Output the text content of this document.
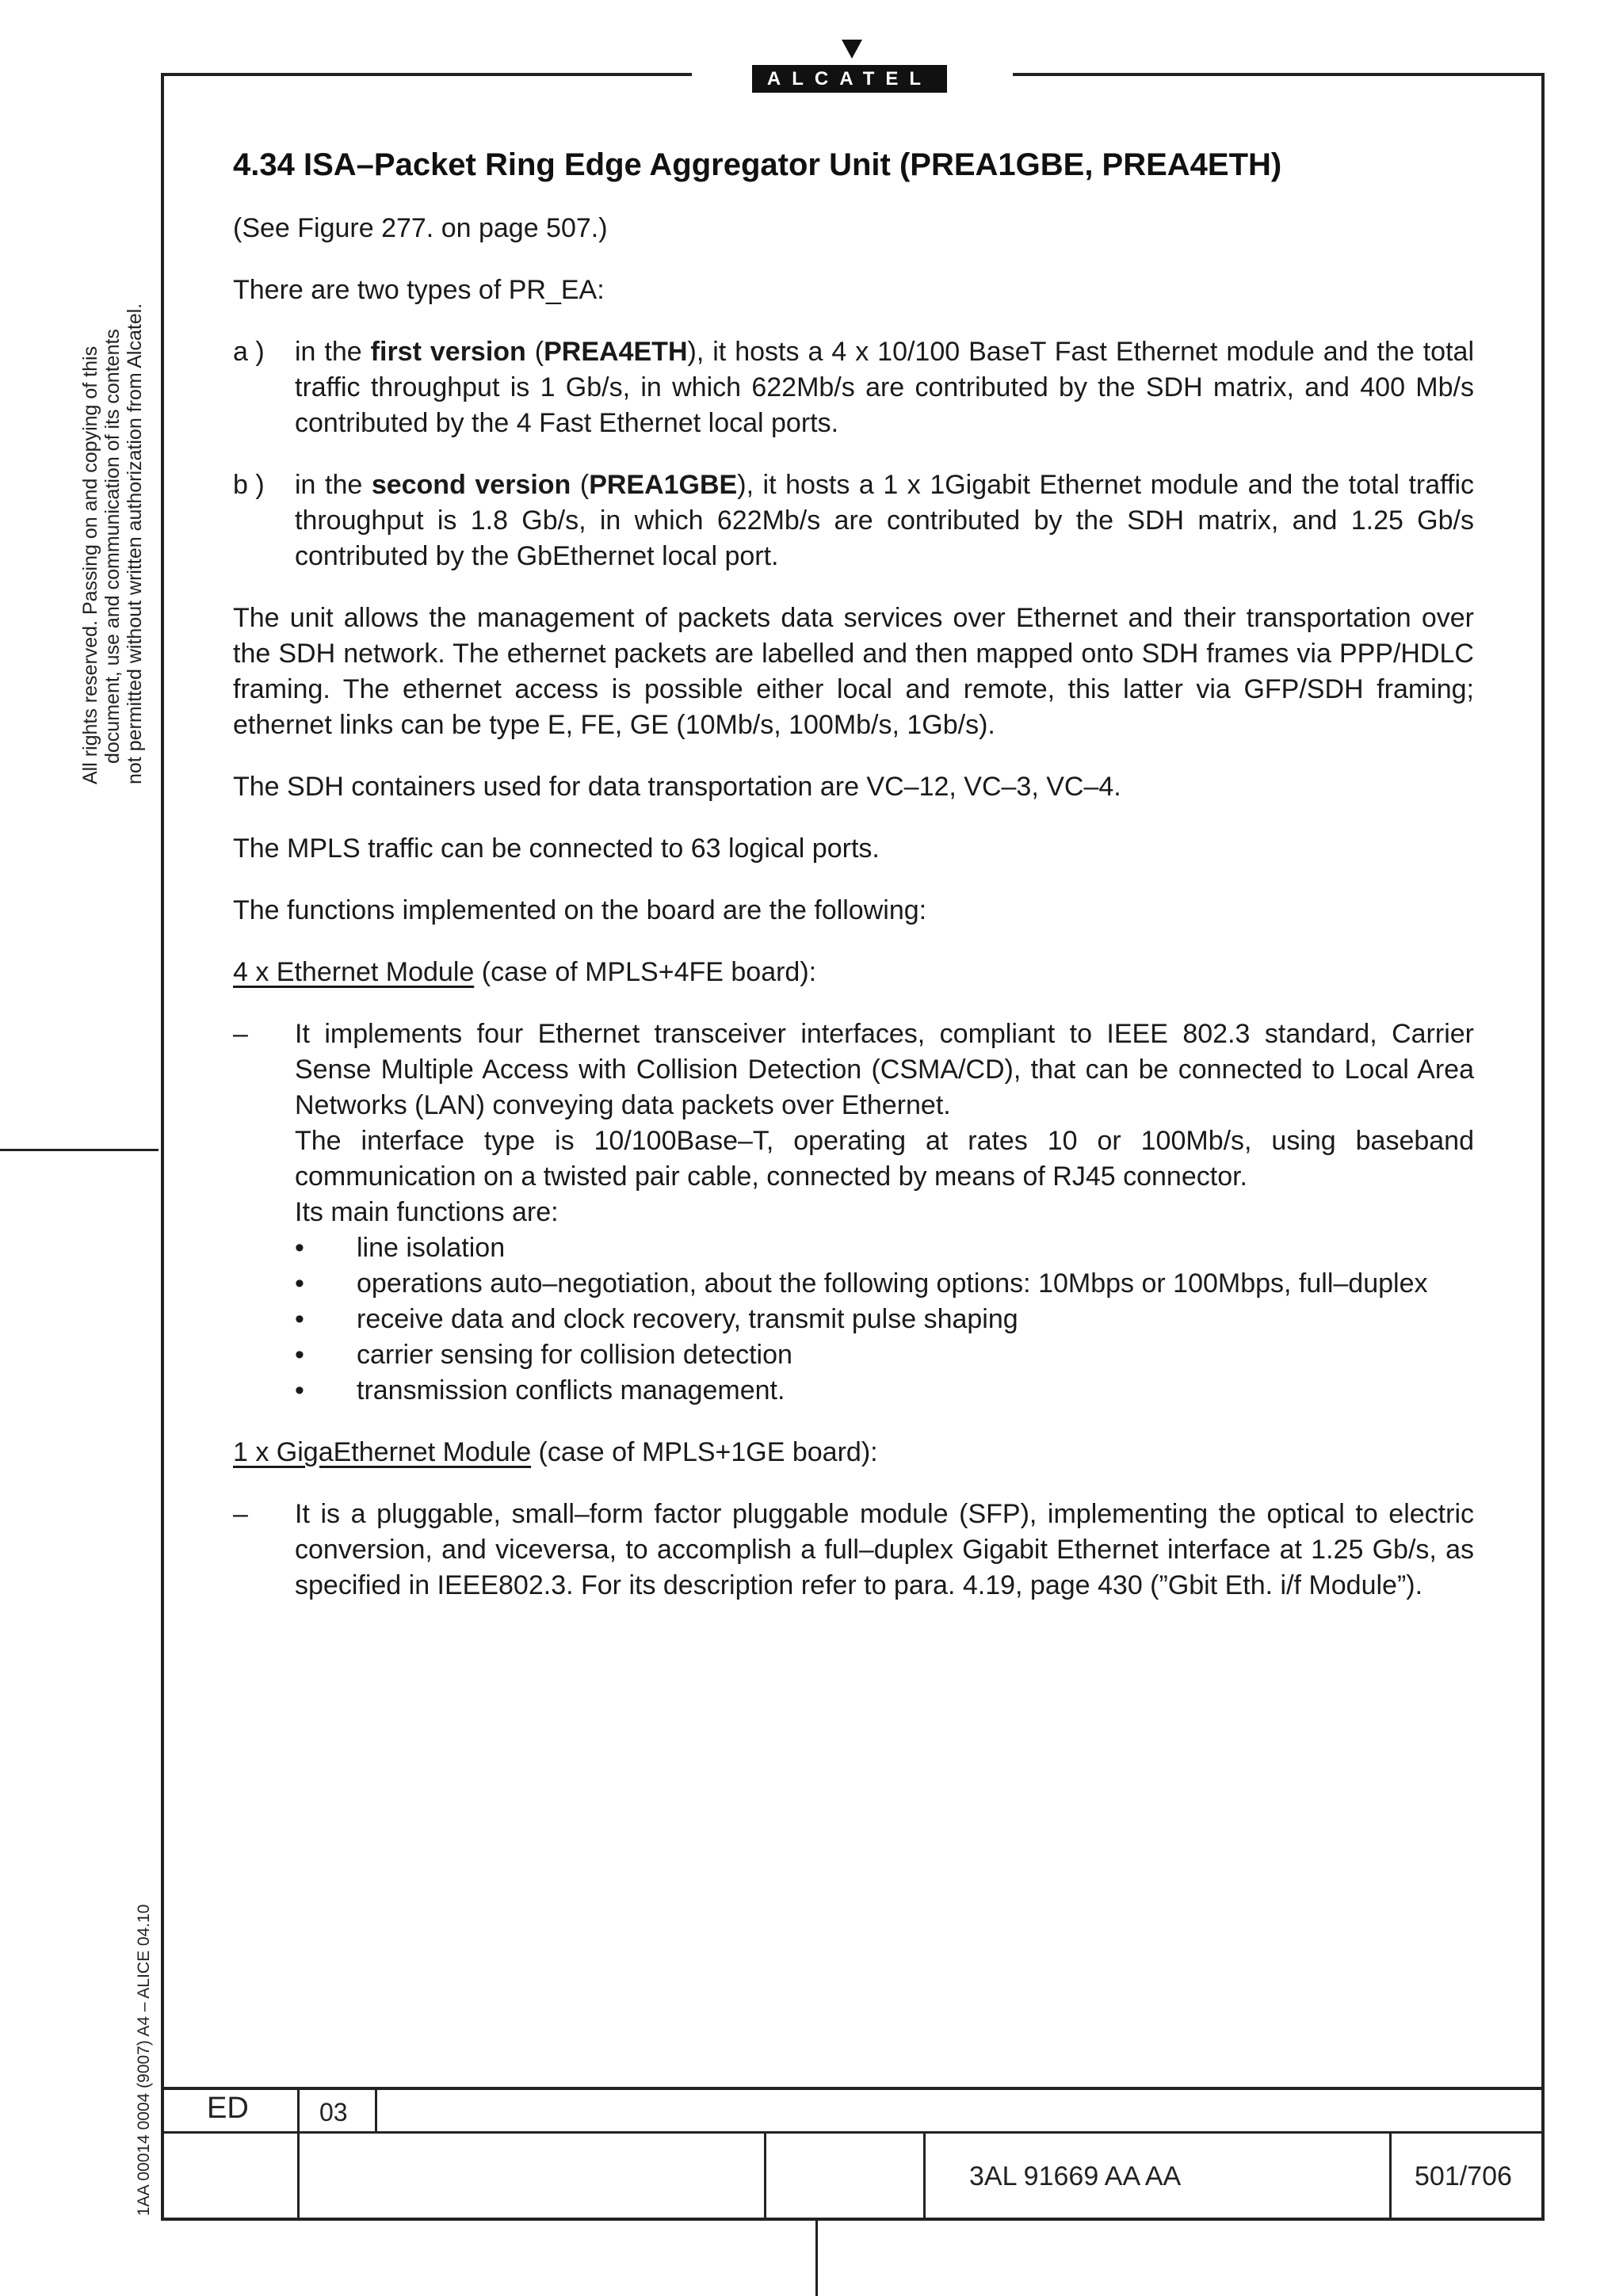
ALCATEL
All rights reserved. Passing on and copying of this document, use and communication of its contents not permitted without written authorization from Alcatel.
1AA 00014 0004 (9007) A4 – ALICE 04.10
4.34 ISA–Packet Ring Edge Aggregator Unit (PREA1GBE, PREA4ETH)

(See Figure 277. on page 507.)

There are two types of PR_EA:

a )	in the first version (PREA4ETH), it hosts a 4 x 10/100 BaseT Fast Ethernet module and the total traffic throughput is 1 Gb/s, in which 622Mb/s are contributed by the SDH matrix, and 400 Mb/s contributed by the 4 Fast Ethernet local ports.
b )	in the second version (PREA1GBE), it hosts a 1 x 1Gigabit Ethernet module and the total traffic throughput is 1.8 Gb/s, in which 622Mb/s are contributed by the SDH matrix, and 1.25 Gb/s contributed by the GbEthernet local port.

The unit allows the management of packets data services over Ethernet and their transportation over the SDH network. The ethernet packets are labelled and then mapped onto SDH frames via PPP/HDLC framing. The ethernet access is possible either local and remote, this latter via GFP/SDH framing; ethernet links can be type E, FE, GE (10Mb/s, 100Mb/s, 1Gb/s).

The SDH containers used for data transportation are VC–12, VC–3, VC–4.

The MPLS traffic can be connected to 63 logical ports.

The functions implemented on the board are the following:

4 x Ethernet Module (case of MPLS+4FE board):

–	It implements four Ethernet transceiver interfaces, compliant to IEEE 802.3 standard, Carrier Sense Multiple Access with Collision Detection (CSMA/CD), that can be connected to Local Area Networks (LAN) conveying data packets over Ethernet.

The interface type is 10/100Base–T, operating at rates 10 or 100Mb/s, using baseband communication on a twisted pair cable, connected by means of RJ45 connector.

Its main functions are:

• line isolation
• operations auto–negotiation, about the following options: 10Mbps or 100Mbps, full–duplex
• receive data and clock recovery, transmit pulse shaping
• carrier sensing for collision detection
• transmission conflicts management.

1 x GigaEthernet Module (case of MPLS+1GE board):

–	It is a pluggable, small–form factor pluggable module (SFP), implementing the optical to electric conversion, and viceversa, to accomplish a full–duplex Gigabit Ethernet interface at 1.25 Gb/s, as specified in IEEE802.3. For its description refer to para. 4.19, page 430 (”Gbit Eth. i/f Module”).

ED	03
3AL 91669 AA AA	501/706
